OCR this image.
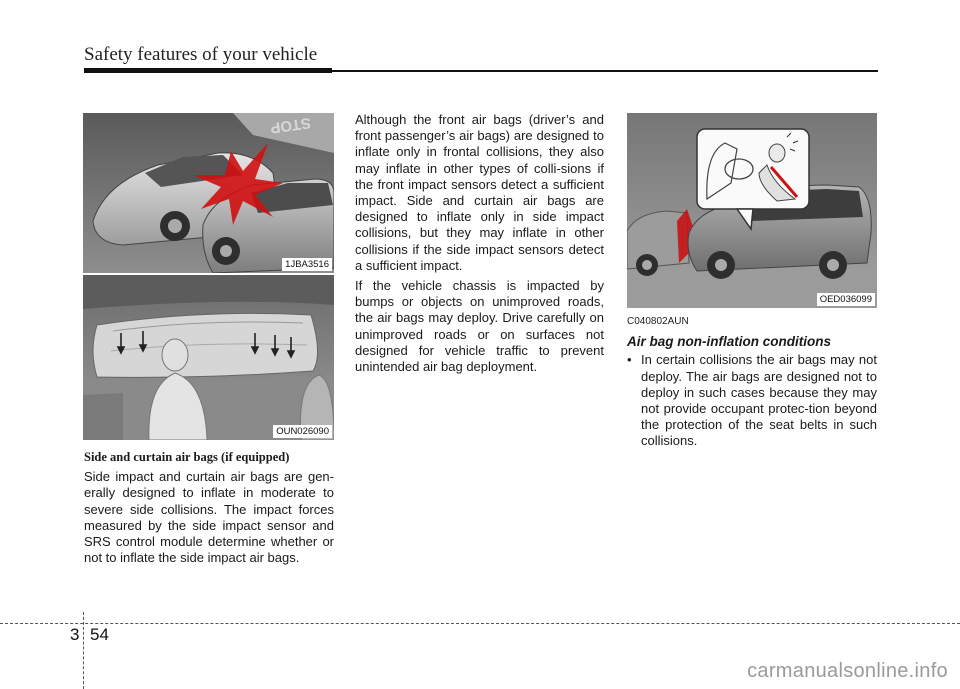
Safety features of your vehicle
STOP
1JBA3516
OUN026090
Side and curtain air bags (if equipped)

Side impact and curtain air bags are gen-erally designed to inflate in moderate to severe side collisions. The impact forces measured by the side impact sensor and SRS control module determine whether or not to inflate the side impact air bags.

Although the front air bags (driver’s and front passenger’s air bags) are designed to inflate only in frontal collisions, they also may inflate in other types of colli-sions if the front impact sensors detect a sufficient impact. Side and curtain air bags are designed to inflate only in side impact collisions, but they may inflate in other collisions if the side impact sensors detect a sufficient impact.

If the vehicle chassis is impacted by bumps or objects on unimproved roads, the air bags may deploy. Drive carefully on unimproved roads or on surfaces not designed for vehicle traffic to prevent unintended air bag deployment.

OED036099
C040802AUN
Air bag non-inflation conditions

• In certain collisions the air bags may not deploy. The air bags are designed not to deploy in such cases because they may not provide occupant protec-tion beyond the protection of the seat belts in such collisions.

3 54
carmanualsonline.info
